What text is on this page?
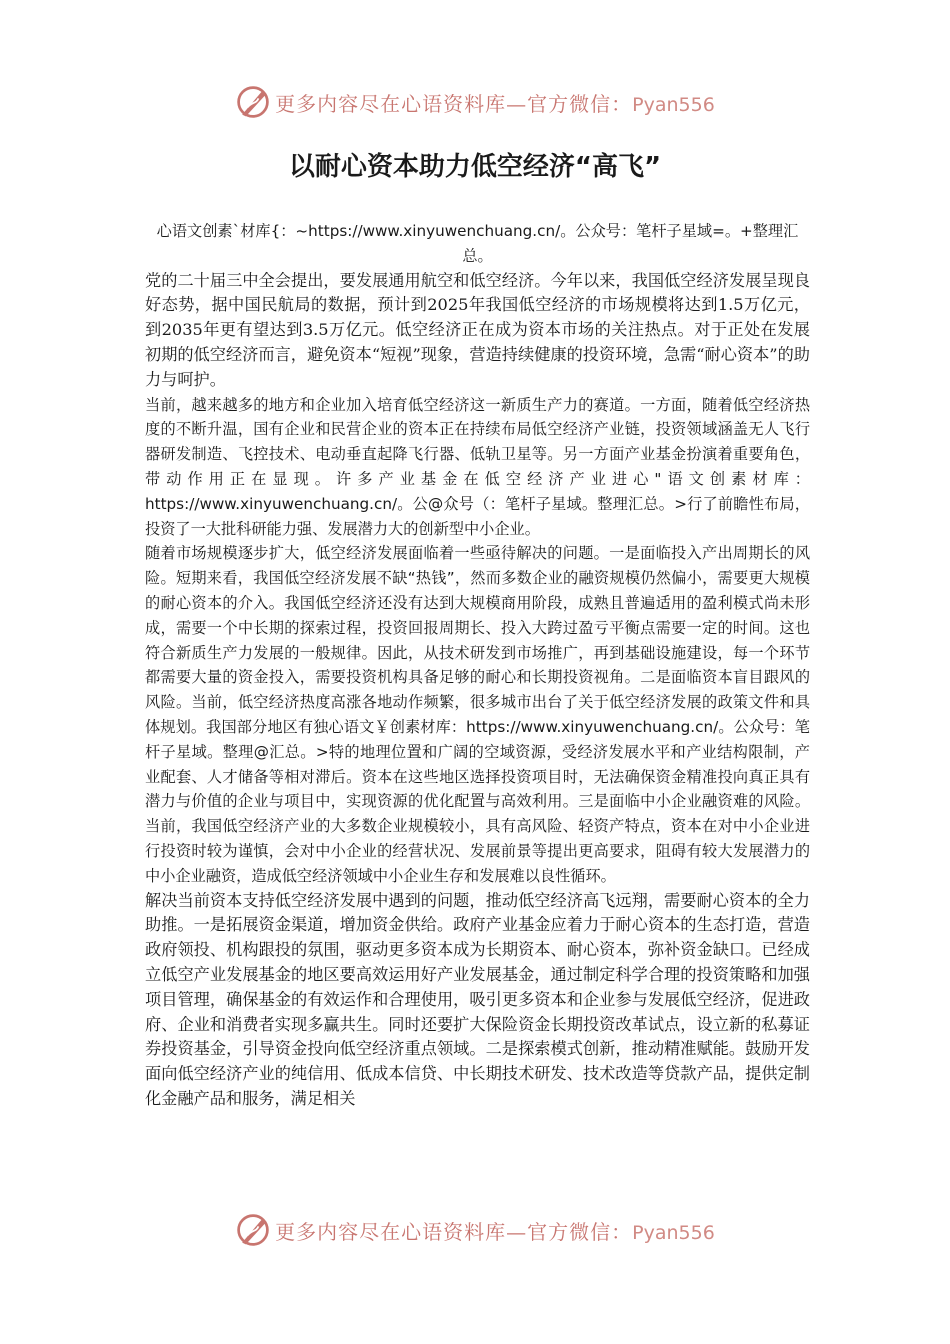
更多内容尽在心语资料库—官方微信：Pyan556
以耐心资本助力低空经济“高飞”

心语文创素`材库{：~https://www.xinyuwenchuang.cn/。公众号：笔杆子星域=。+整理汇总。

党的二十届三中全会提出，要发展通用航空和低空经济。今年以来，我国低空经济发展呈现良好态势，据中国民航局的数据，预计到2025年我国低空经济的市场规模将达到1.5万亿元，到2035年更有望达到3.5万亿元。低空经济正在成为资本市场的关注热点。对于正处在发展初期的低空经济而言，避免资本“短视”现象，营造持续健康的投资环境，急需“耐心资本”的助力与呵护。

当前，越来越多的地方和企业加入培育低空经济这一新质生产力的赛道。一方面，随着低空经济热度的不断升温，国有企业和民营企业的资本正在持续布局低空经济产业链，投资领域涵盖无人飞行器研发制造、飞控技术、电动垂直起降飞行器、低轨卫星等。另一方面产业基金扮演着重要角色，带动作用正在显现。许多产业基金在低空经济产业进心"语文创素材库：https://www.xinyuwenchuang.cn/。公@众号（：笔杆子星域。整理汇总。>行了前瞻性布局，投资了一大批科研能力强、发展潜力大的创新型中小企业。

随着市场规模逐步扩大，低空经济发展面临着一些亟待解决的问题。一是面临投入产出周期长的风险。短期来看，我国低空经济发展不缺“热钱”，然而多数企业的融资规模仍然偏小，需要更大规模的耐心资本的介入。我国低空经济还没有达到大规模商用阶段，成熟且普遍适用的盈利模式尚未形成，需要一个中长期的探索过程，投资回报周期长、投入大跨过盈亏平衡点需要一定的时间。这也符合新质生产力发展的一般规律。因此，从技术研发到市场推广，再到基础设施建设，每一个环节都需要大量的资金投入，需要投资机构具备足够的耐心和长期投资视角。二是面临资本盲目跟风的风险。当前，低空经济热度高涨各地动作频繁，很多城市出台了关于低空经济发展的政策文件和具体规划。我国部分地区有独心语文￥创素材库：https://www.xinyuwenchuang.cn/。公众号：笔杆子星域。整理@汇总。>特的地理位置和广阔的空域资源，受经济发展水平和产业结构限制，产业配套、人才储备等相对滞后。资本在这些地区选择投资项目时，无法确保资金精准投向真正具有潜力与价值的企业与项目中，实现资源的优化配置与高效利用。三是面临中小企业融资难的风险。当前，我国低空经济产业的大多数企业规模较小，具有高风险、轻资产特点，资本在对中小企业进行投资时较为谨慎，会对中小企业的经营状况、发展前景等提出更高要求，阻碍有较大发展潜力的中小企业融资，造成低空经济领域中小企业生存和发展难以良性循环。

解决当前资本支持低空经济发展中遇到的问题，推动低空经济高飞远翔，需要耐心资本的全力助推。一是拓展资金渠道，增加资金供给。政府产业基金应着力于耐心资本的生态打造，营造政府领投、机构跟投的氛围，驱动更多资本成为长期资本、耐心资本，弥补资金缺口。已经成立低空产业发展基金的地区要高效运用好产业发展基金，通过制定科学合理的投资策略和加强项目管理，确保基金的有效运作和合理使用，吸引更多资本和企业参与发展低空经济，促进政府、企业和消费者实现多赢共生。同时还要扩大保险资金长期投资改革试点，设立新的私募证券投资基金，引导资金投向低空经济重点领域。二是探索模式创新，推动精准赋能。鼓励开发面向低空经济产业的纯信用、低成本信贷、中长期技术研发、技术改造等贷款产品，提供定制化金融产品和服务，满足相关

更多内容尽在心语资料库—官方微信：Pyan556
